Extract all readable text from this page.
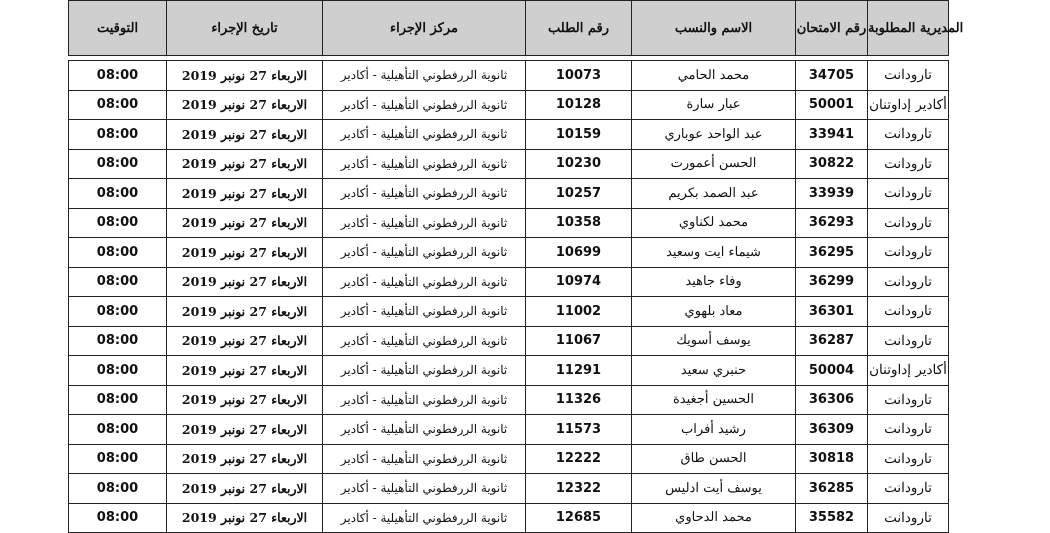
التوقيت	تاريخ الإجراء	مركز الإجراء	رقم الطلب	الاسم والنسب	رقم الامتحان	المديرية المطلوبة

08:00	الاربعاء 27 نونبر 2019	ثانوية الررفطوني التأهيلية - أكادير	10073	محمد الحامي	34705	تارودانت
08:00	الاربعاء 27 نونبر 2019	ثانوية الررفطوني التأهيلية - أكادير	10128	عبار سارة	50001	أكادير إداوتنان
08:00	الاربعاء 27 نونبر 2019	ثانوية الررفطوني التأهيلية - أكادير	10159	عبد الواحد عوباري	33941	تارودانت
08:00	الاربعاء 27 نونبر 2019	ثانوية الررفطوني التأهيلية - أكادير	10230	الحسن أعمورت	30822	تارودانت
08:00	الاربعاء 27 نونبر 2019	ثانوية الررفطوني التأهيلية - أكادير	10257	عبد الصمد بكريم	33939	تارودانت
08:00	الاربعاء 27 نونبر 2019	ثانوية الررفطوني التأهيلية - أكادير	10358	محمد لكناوي	36293	تارودانت
08:00	الاربعاء 27 نونبر 2019	ثانوية الررفطوني التأهيلية - أكادير	10699	شيماء ايت وسعيد	36295	تارودانت
08:00	الاربعاء 27 نونبر 2019	ثانوية الررفطوني التأهيلية - أكادير	10974	وفاء جاهيد	36299	تارودانت
08:00	الاربعاء 27 نونبر 2019	ثانوية الررفطوني التأهيلية - أكادير	11002	معاد بلهوي	36301	تارودانت
08:00	الاربعاء 27 نونبر 2019	ثانوية الررفطوني التأهيلية - أكادير	11067	يوسف أسويك	36287	تارودانت
08:00	الاربعاء 27 نونبر 2019	ثانوية الررفطوني التأهيلية - أكادير	11291	حنبري سعيد	50004	أكادير إداوتنان
08:00	الاربعاء 27 نونبر 2019	ثانوية الررفطوني التأهيلية - أكادير	11326	الحسين أجغيدة	36306	تارودانت
08:00	الاربعاء 27 نونبر 2019	ثانوية الررفطوني التأهيلية - أكادير	11573	رشيد أفراب	36309	تارودانت
08:00	الاربعاء 27 نونبر 2019	ثانوية الررفطوني التأهيلية - أكادير	12222	الحسن طاق	30818	تارودانت
08:00	الاربعاء 27 نونبر 2019	ثانوية الررفطوني التأهيلية - أكادير	12322	يوسف أيت ادليس	36285	تارودانت
08:00	الاربعاء 27 نونبر 2019	ثانوية الررفطوني التأهيلية - أكادير	12685	محمد الدحاوي	35582	تارودانت
